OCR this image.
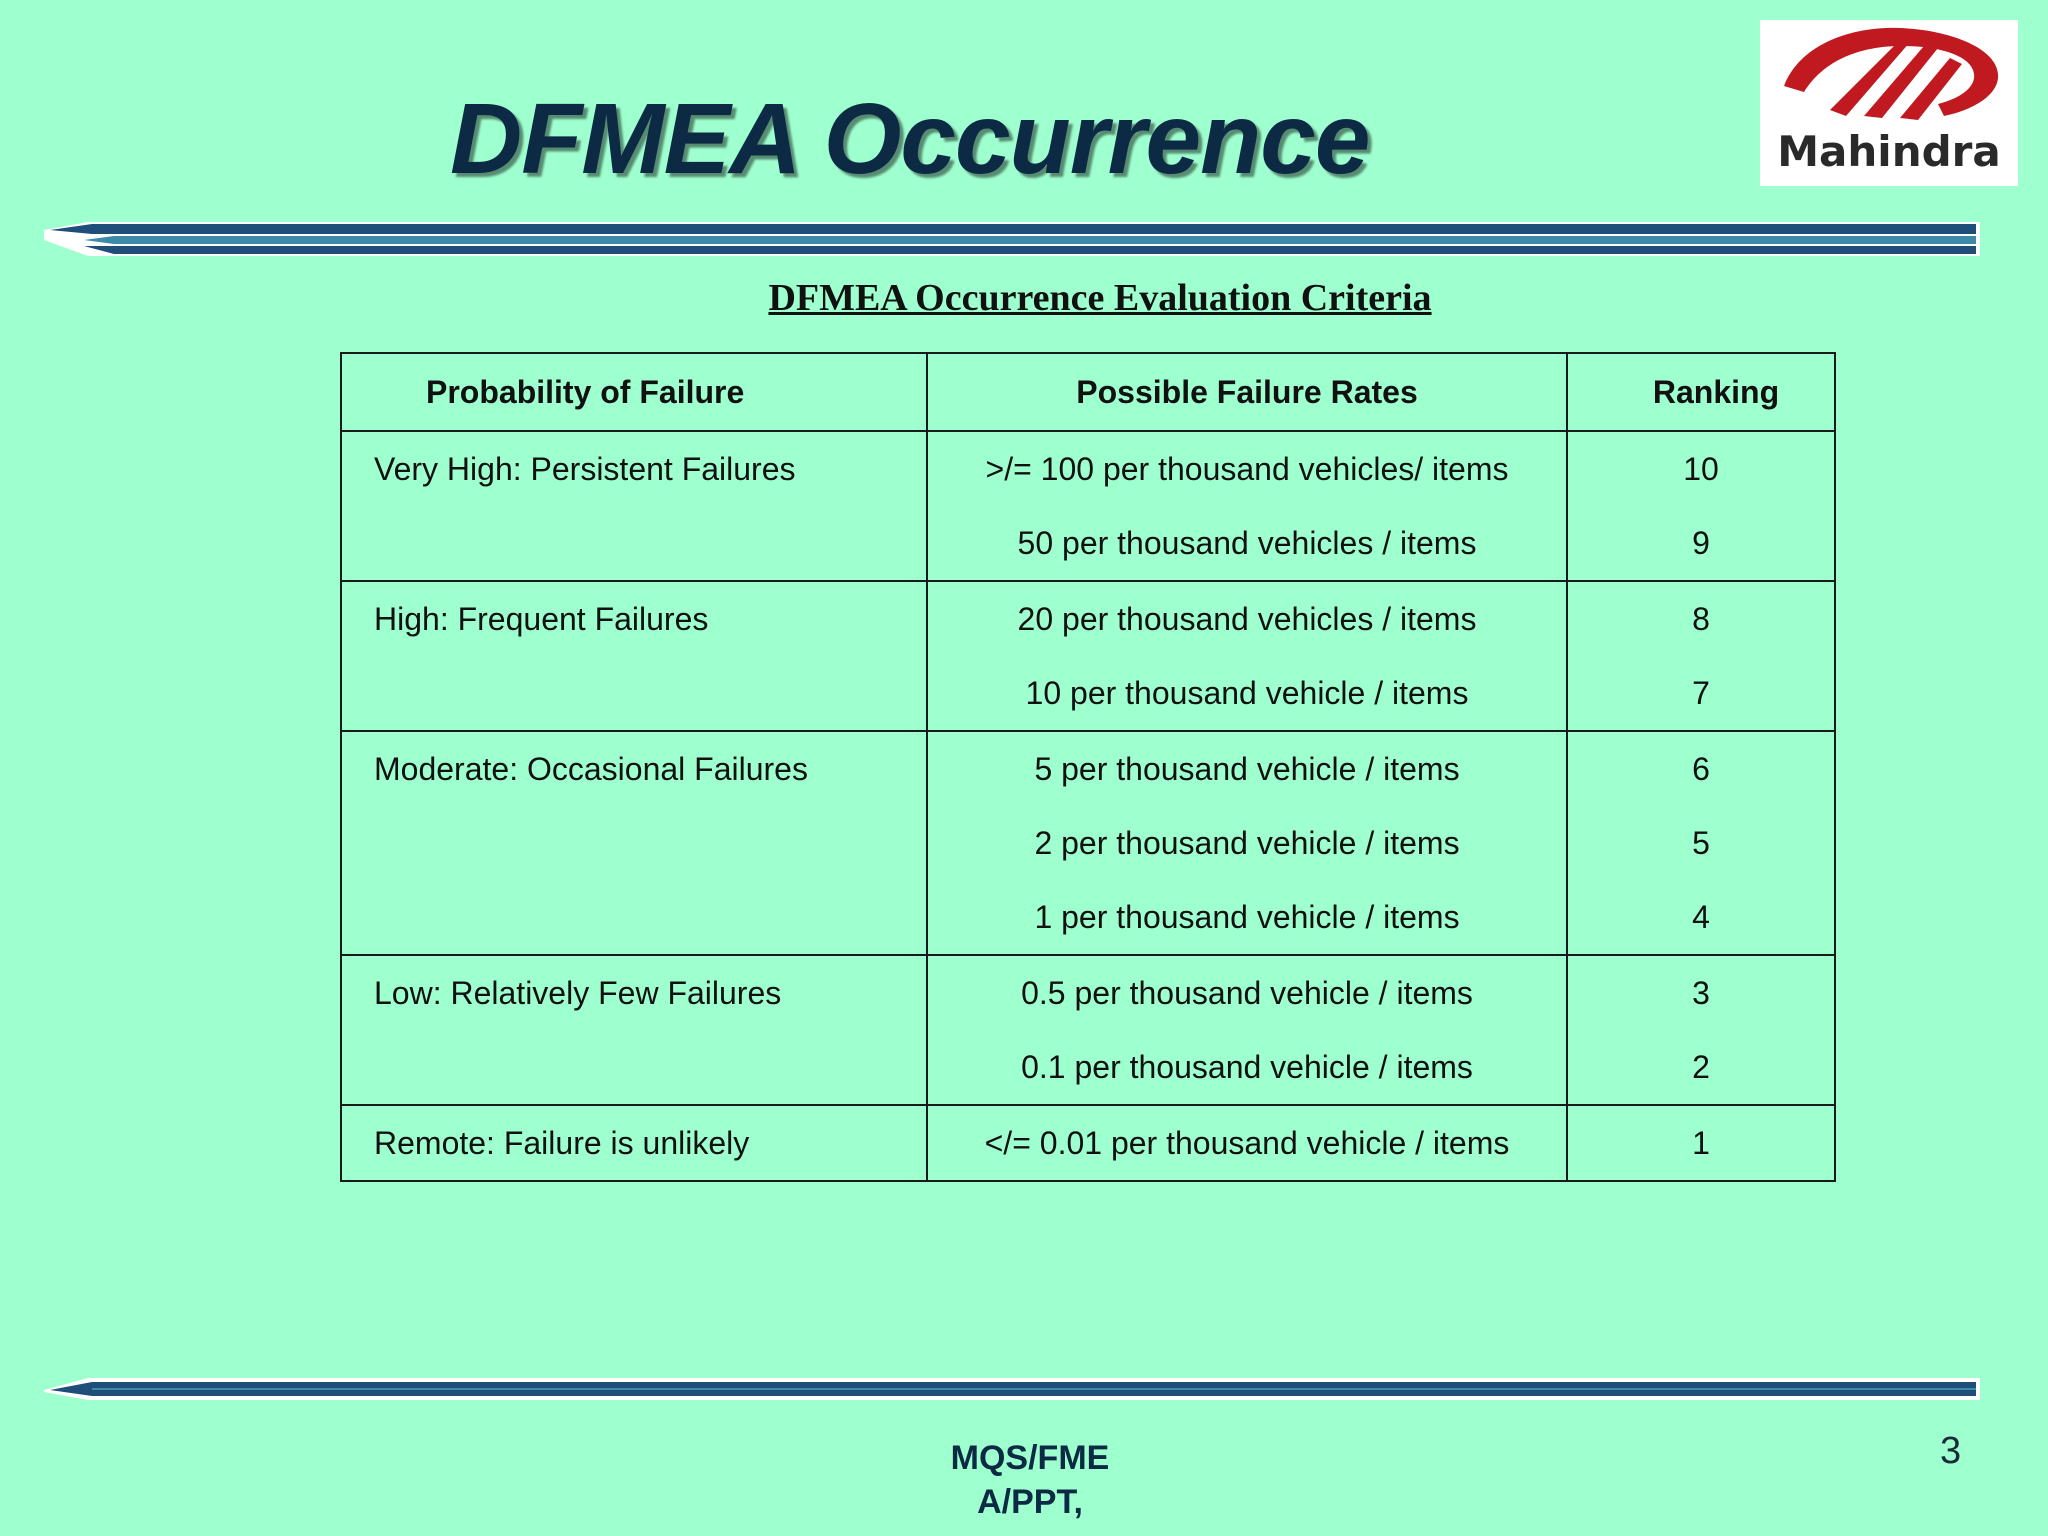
DFMEA Occurrence	Mahindra
DFMEA Occurrence Evaluation Criteria
Probability of Failure	Possible Failure Rates	Ranking
Very High: Persistent Failures	>/= 100 per thousand vehicles/ items	10
	50 per thousand vehicles / items	9
High: Frequent Failures	20 per thousand vehicles / items	8
	10 per thousand vehicle / items	7
Moderate: Occasional Failures	5 per thousand vehicle / items	6
	2 per thousand vehicle / items	5
	1 per thousand vehicle / items	4
Low: Relatively Few Failures	0.5 per thousand vehicle / items	3
	0.1 per thousand vehicle / items	2
Remote: Failure is unlikely	</= 0.01 per thousand vehicle / items	1
MQS/FME
A/PPT,
3
